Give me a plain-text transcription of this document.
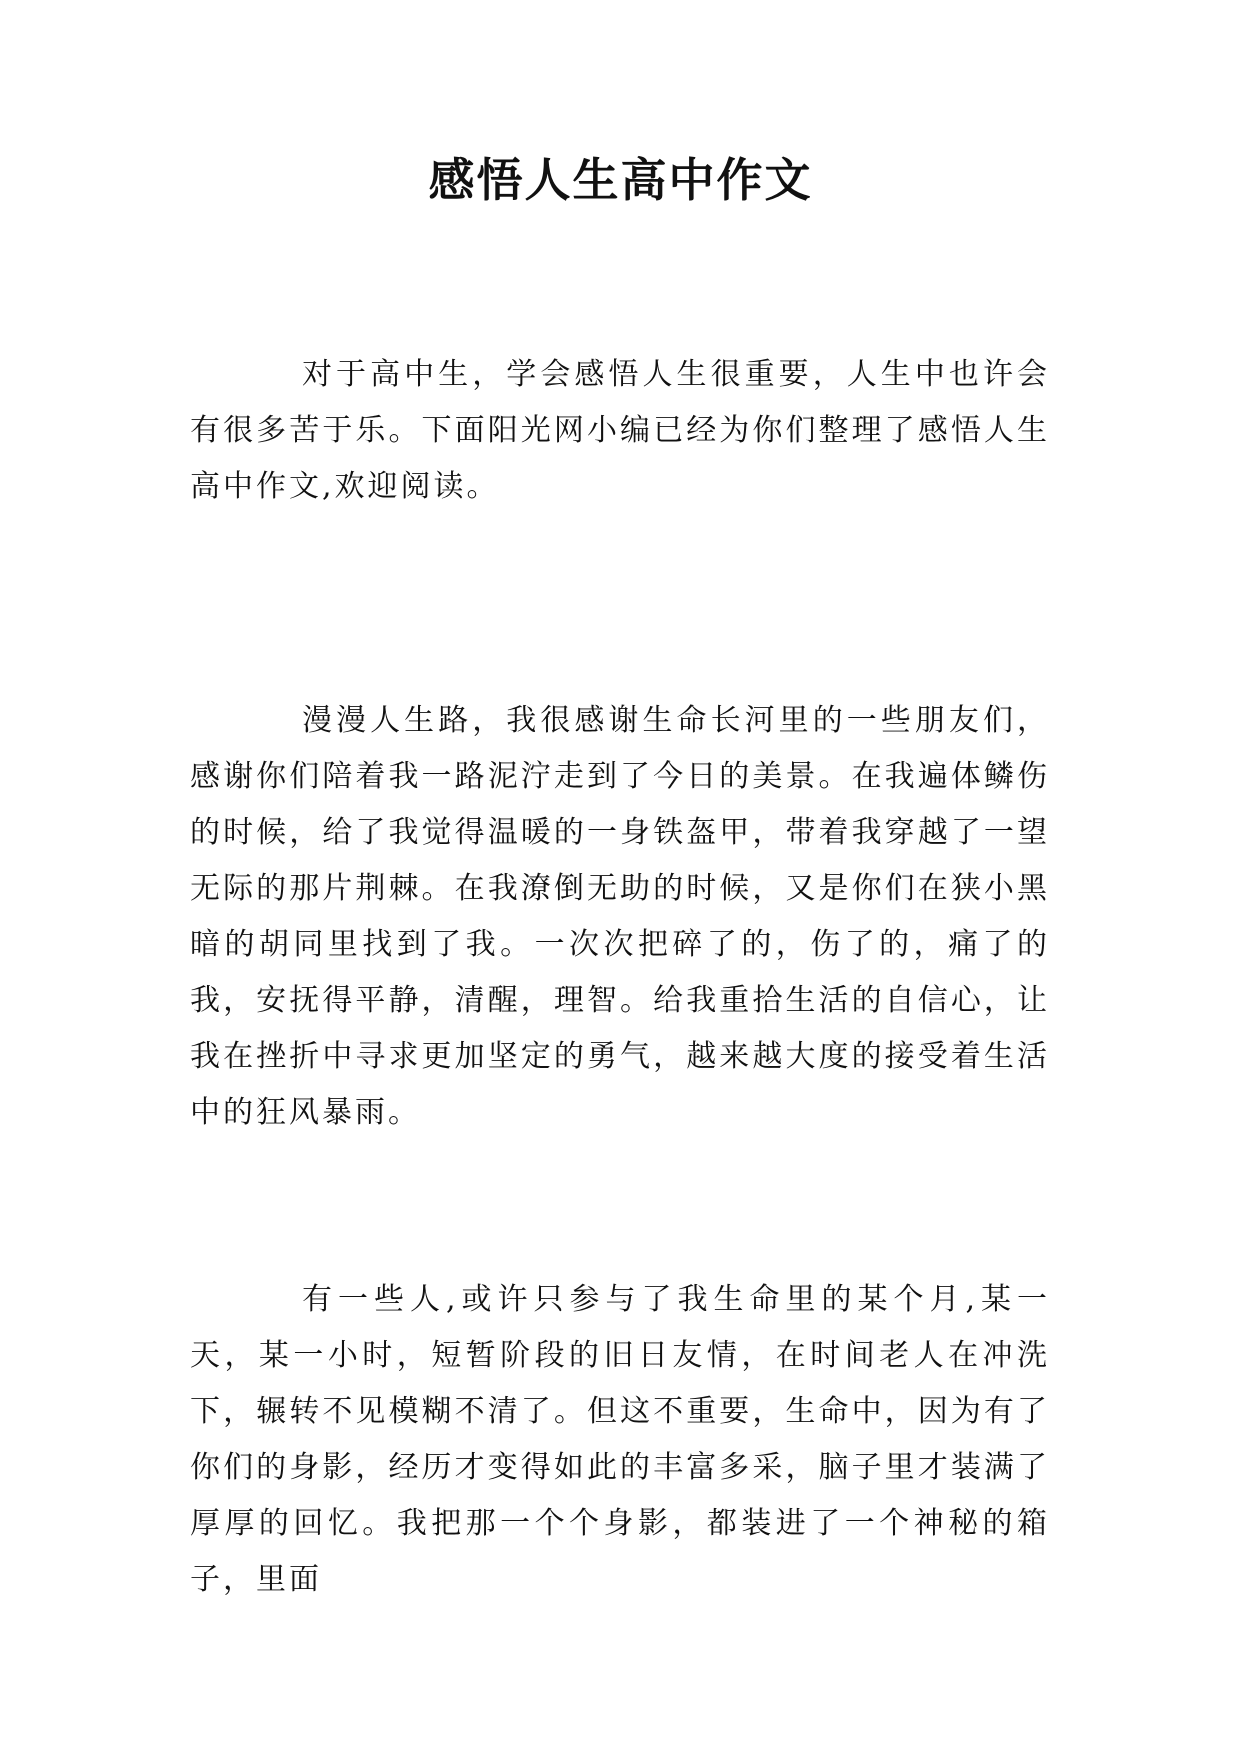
感悟人生高中作文

对于高中生，学会感悟人生很重要，人生中也许会有很多苦于乐。下面阳光网小编已经为你们整理了感悟人生高中作文,欢迎阅读。

漫漫人生路，我很感谢生命长河里的一些朋友们，感谢你们陪着我一路泥泞走到了今日的美景。在我遍体鳞伤的时候，给了我觉得温暖的一身铁盔甲，带着我穿越了一望无际的那片荆棘。在我潦倒无助的时候，又是你们在狭小黑暗的胡同里找到了我。一次次把碎了的，伤了的，痛了的我，安抚得平静，清醒，理智。给我重拾生活的自信心，让我在挫折中寻求更加坚定的勇气，越来越大度的接受着生活中的狂风暴雨。

有一些人,或许只参与了我生命里的某个月,某一天，某一小时，短暂阶段的旧日友情，在时间老人在冲洗下，辗转不见模糊不清了。但这不重要，生命中，因为有了你们的身影，经历才变得如此的丰富多采，脑子里才装满了厚厚的回忆。我把那一个个身影，都装进了一个神秘的箱子，里面
